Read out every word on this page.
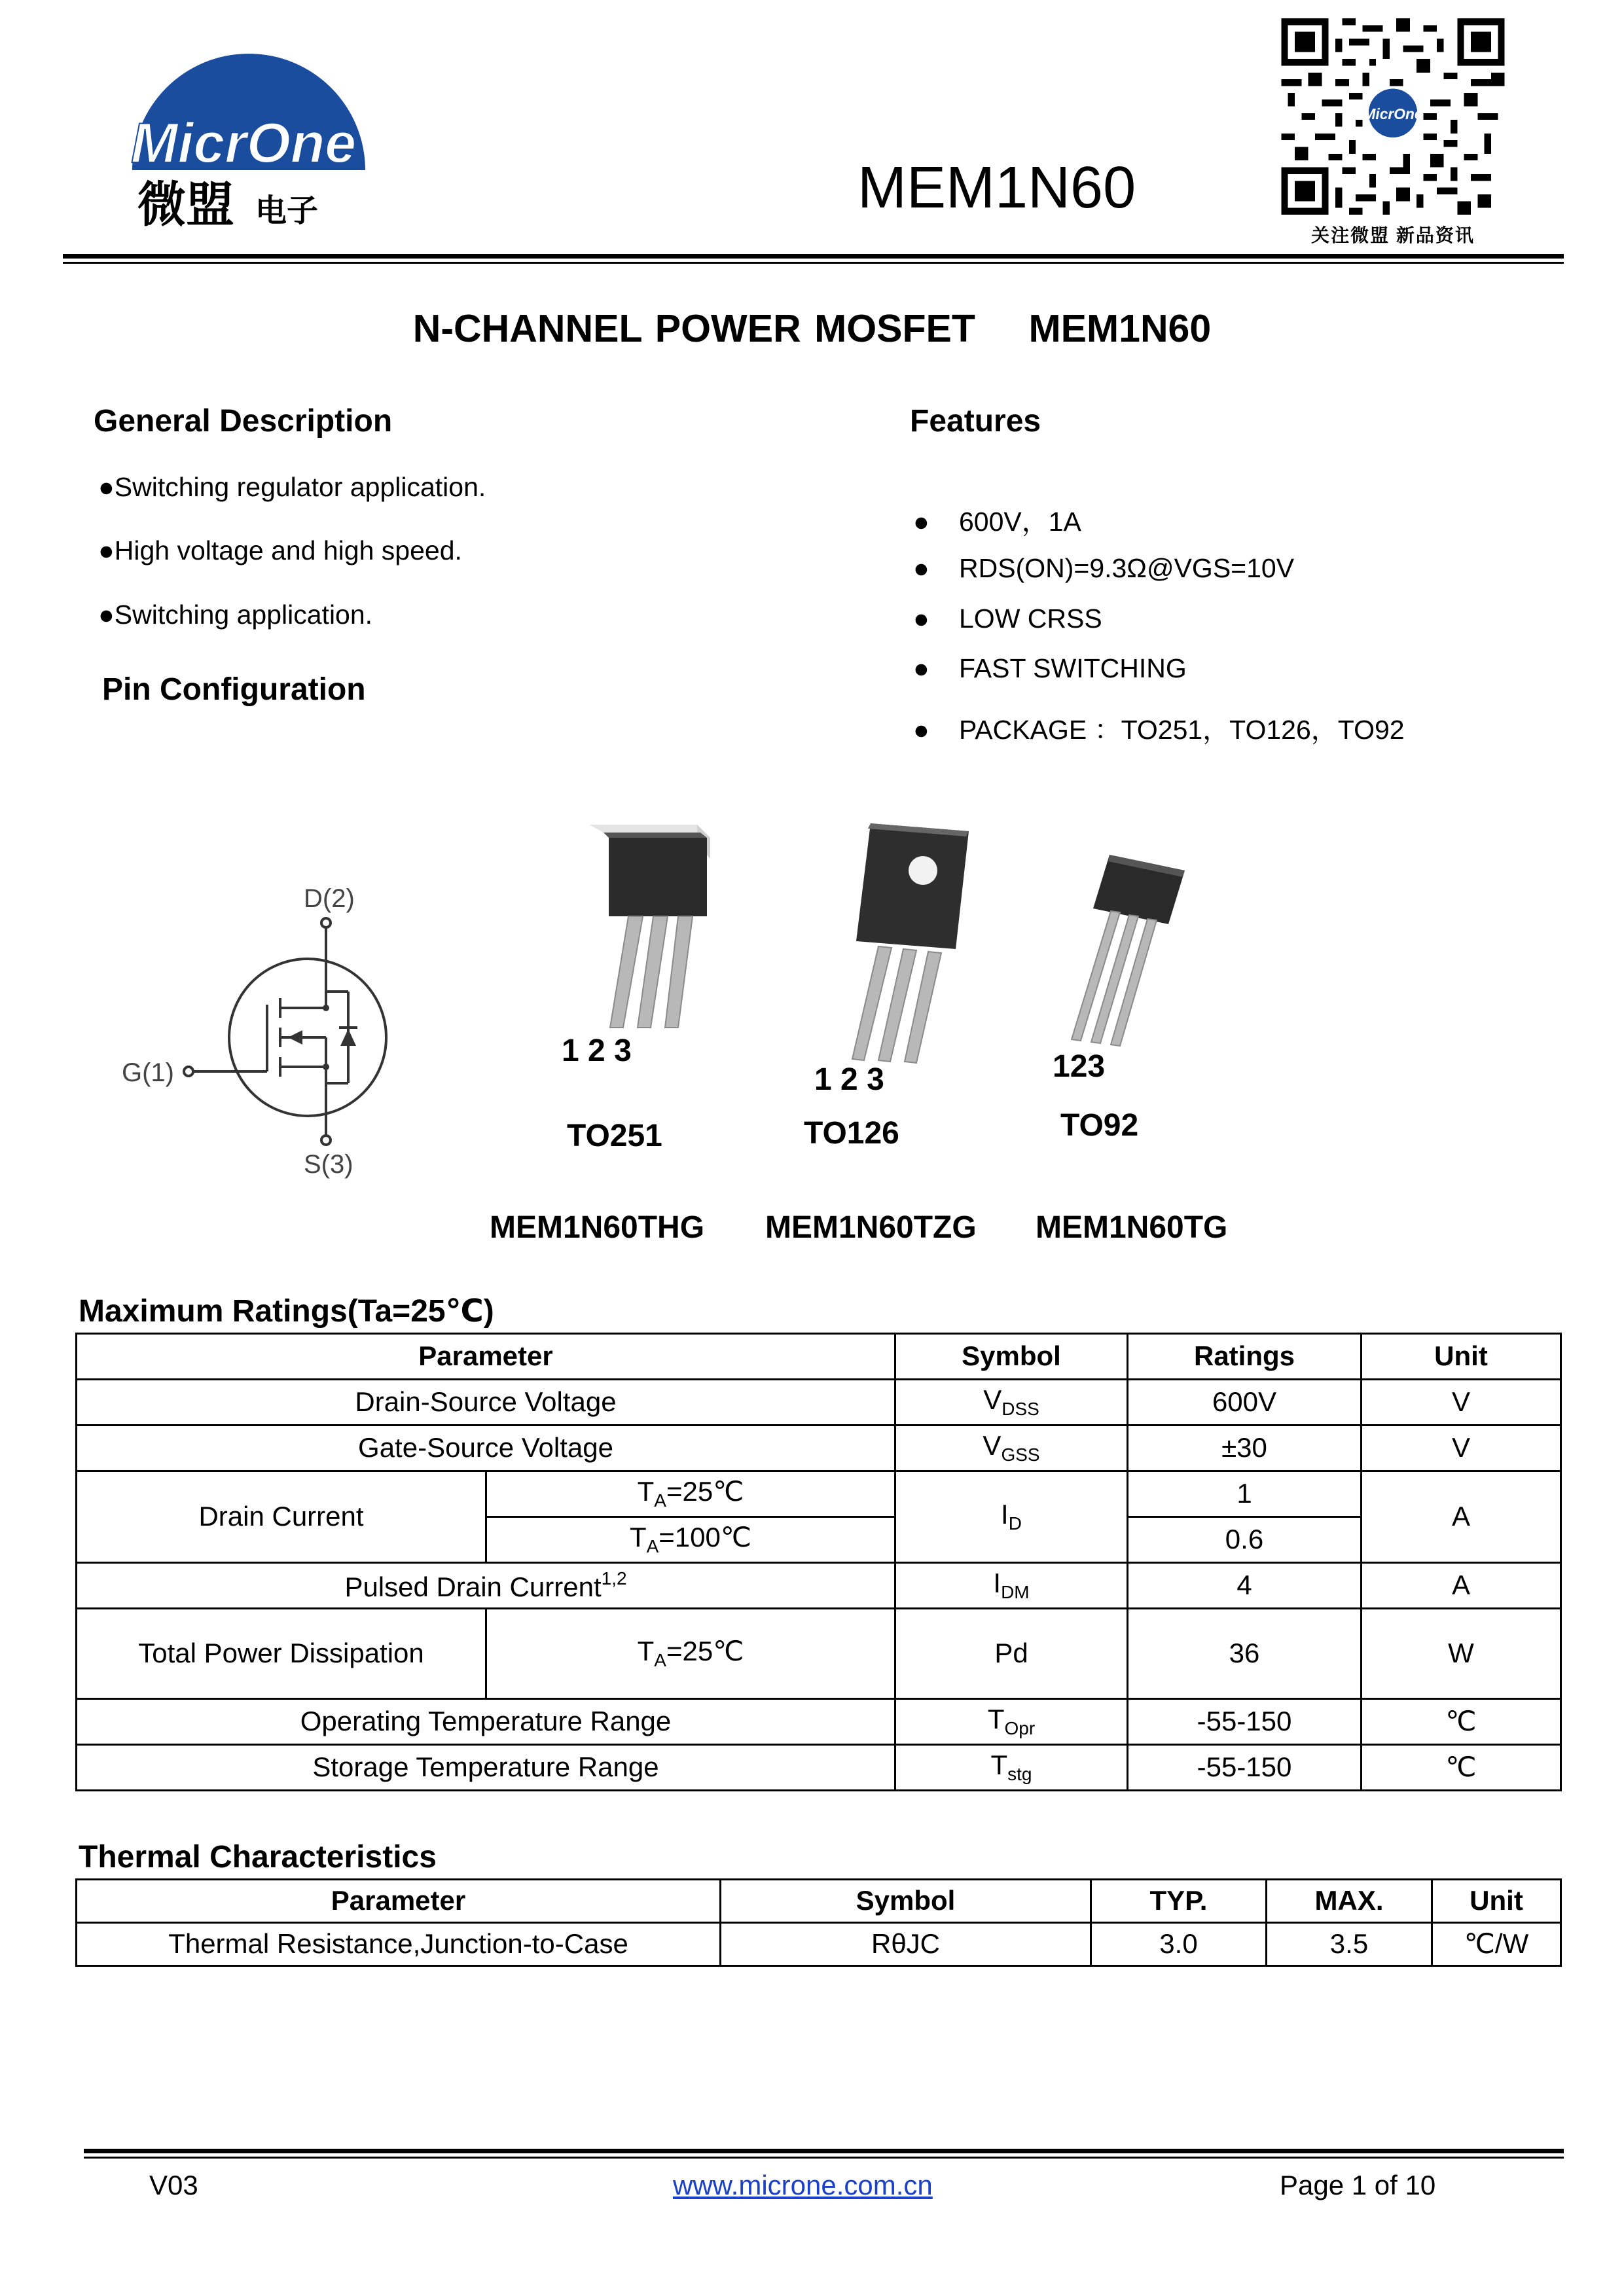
MicrOne
微盟 电子	MEM1N60
MicrOne
关注微盟 新品资讯
N-CHANNEL POWER MOSFET    MEM1N60
General Description
●Switching regulator application.
●High voltage and high speed.
●Switching application.
Pin Configuration
Features
● 600V，1A
● RDS(ON)=9.3Ω@VGS=10V
● LOW CRSS
● FAST SWITCHING
● PACKAGE ：TO251，TO126，TO92
D(2)
G(1)
S(3)
1 2 3
TO251
1 2 3
TO126
123
TO92
MEM1N60THG MEM1N60TZG MEM1N60TG
Maximum Ratings(Ta=25℃)
Parameter		Symbol	Ratings	Unit
Drain-Source Voltage		$V_{DSS}$	600V	V
Gate-Source Voltage		$V_{GSS}$	±30	V
Drain Current	$T_A=25℃$	$I_D$	1	A
	$T_A=100℃$		0.6	
Pulsed Drain Current$^{1,2}$		$I_{DM}$	4	A
Total Power Dissipation	$T_A=25℃$	Pd	36	W
Operating Temperature Range		$T_{Opr}$	-55-150	℃
Storage Temperature Range		$T_{stg}$	-55-150	℃
Thermal Characteristics
Parameter	Symbol	TYP.	MAX.	Unit
Thermal Resistance,Junction-to-Case	RθJC	3.0	3.5	℃/W
V03	www.microne.com.cn	Page 1 of 10
